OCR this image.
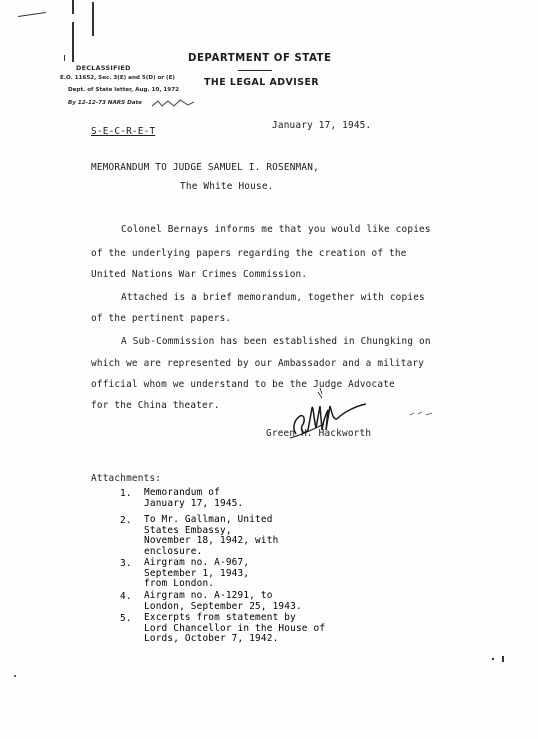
DECLASSIFIED
E.O. 11652, Sec. 3(E) and 5(D) or (E)
Dept. of State letter, Aug. 10, 1972
By 12-12-73 NARS Date
DEPARTMENT OF STATE
THE LEGAL ADVISER
January 17, 1945.
S-E-C-R-E-T
MEMORANDUM TO JUDGE SAMUEL I. ROSENMAN,
The White House.
Colonel Bernays informs me that you would like copies
of the underlying papers regarding the creation of the
United Nations War Crimes Commission.
Attached is a brief memorandum, together with copies
of the pertinent papers.
A Sub-Commission has been established in Chungking on
which we are represented by our Ambassador and a military
official whom we understand to be the Judge Advocate
for the China theater.
Green H. Hackworth
Attachments:
1. Memorandum of
January 17, 1945.
2. To Mr. Gallman, United
States Embassy,
November 18, 1942, with
enclosure.
3. Airgram no. A-967,
September 1, 1943,
from London.
4. Airgram no. A-1291, to
London, September 25, 1943.
5. Excerpts from statement by
Lord Chancellor in the House of
Lords, October 7, 1942.
